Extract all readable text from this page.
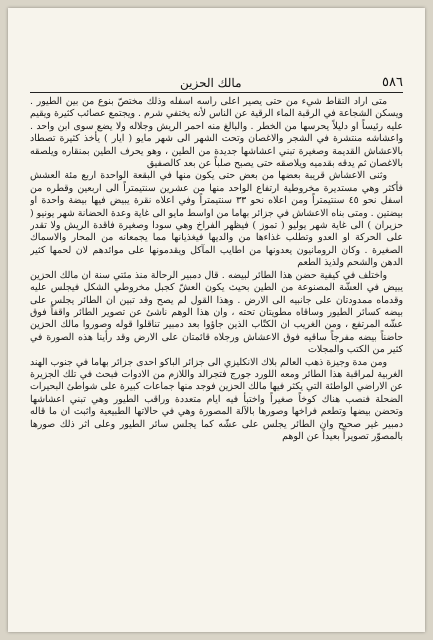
٥٨٦
مالك الحزين

متى اراد التقاط شيء من حتى يصير اعلى رأسه اسفله وذلك مختصّ بنوع من بين الطيور . ويسكن الشجاعة في الرقبة الماء الرقية عن الناس لأنه يختفي شرم . ويجتمع عصائب كثيرة ويقيم عليه رئيساً او دليلاً يحرسها من الخطر . والبالغ منه احمر الريش وجلاله ولا يضع سوى ابن واحد . واعشاشه منتشرة في الشجر والاغصان وتحت الشهر الى شهر مايو ( ايار ) يأخذ كثيرة تصطاد بالاعشاش القديمة وصغيرة تبني اعشاشها جديدة من الطين ، وهو يحرف الطين بمنقاره ويلصقه بالاغصان ثم يدقه بقدميه ويلاصقه حتى يصبح صلباً عن بعد كالصفيق

وثنى الاعشاش قريبة بعضها من بعض حتى يكون منها في البقعة الواحدة اربع مئة العشش فأكثر وهي مستديرة مخروطية ارتفاع الواحد منها من عشرين سنتيمتراً الى اربعين وقطره من اسفل نحو ٤٥ سنتيمتراً ومن اعلاه نحو ٣٣ سنتيمتراً وفي اعلاه نقرة يبيض فيها بيضة واحدة او بيضتين . ومتى بناه الاعشاش في جزائر بهاما من اواسط مايو الى غاية وعدة الحضانة شهر يونيو ( حزيران ) الى غاية شهر يوليو ( تموز ) فيظهر الفراخ وهي سودا وصغيرة فاقدة الريش ولا تقدر على الحركة او العدو وتطلب غذاءها من والديها فيغذيانها مما يجمعانه من المحار والاسماك الصغيرة . وكان الرومانيون يعدونها من اطايب المآكل ويقدمونها على موائدهم لان لحمها كثير الدهن والشحم ولذيذ الطعم

واختلف في كيفية حضن هذا الطائر لبيضه . قال دمبير الرحالة منذ مئتي سنة ان مالك الحزين يبيض في العشّة المصنوعة من الطين بحيث يكون العشّ كجبل مخروطي الشكل فيجلس عليه وقدماه ممدودتان على جانبيه الى الارض . وهذا القول لم يصح وقد تبين ان الطائر يجلس على بيضه كسائر الطيور وساقاه مطويتان تحته ، وان هذا الوهم ناشئ عن تصوير الطائر واقفاً فوق عشّه المرتفع ، ومن الغريب ان الكتّاب الذين جاؤوا بعد دمبير تناقلوا قوله وصوروا مالك الحزين حاضناً بيضه مفرجاً ساقيه فوق الاعشاش ورجلاه قائمتان على الارض وقد رأينا هذه الصورة في كثير من الكتب والمجلات

ومن مدة وجيزة ذهب العالم بلاك الانكليزي الى جزائر الباكو احدى جزائر بهاما في جنوب الهند الغربية لمراقبة هذا الطائر ومعه اللورد جورج فتجرالد واللازم من الادوات فبحث في تلك الجزيرة عن الاراضي الواطئة التي يكثر فيها مالك الحزين فوجد منها جماعات كبيرة على شواطئ البحيرات الضحلة فنصب هناك كوخاً صغيراً واختبأ فيه ايام متعددة وراقب الطيور وهي تبني اعشاشها وتحضن بيضها وتطعم فراخها وصورها بالآلة المصورة وهي في حالاتها الطبيعية واثبت ان ما قاله دمبير غير صحيح وان الطائر يجلس على عشّه كما يجلس سائر الطيور وعلى اثر ذلك صورها بالمصوّر تصويراً بعيداً عن الوهم
